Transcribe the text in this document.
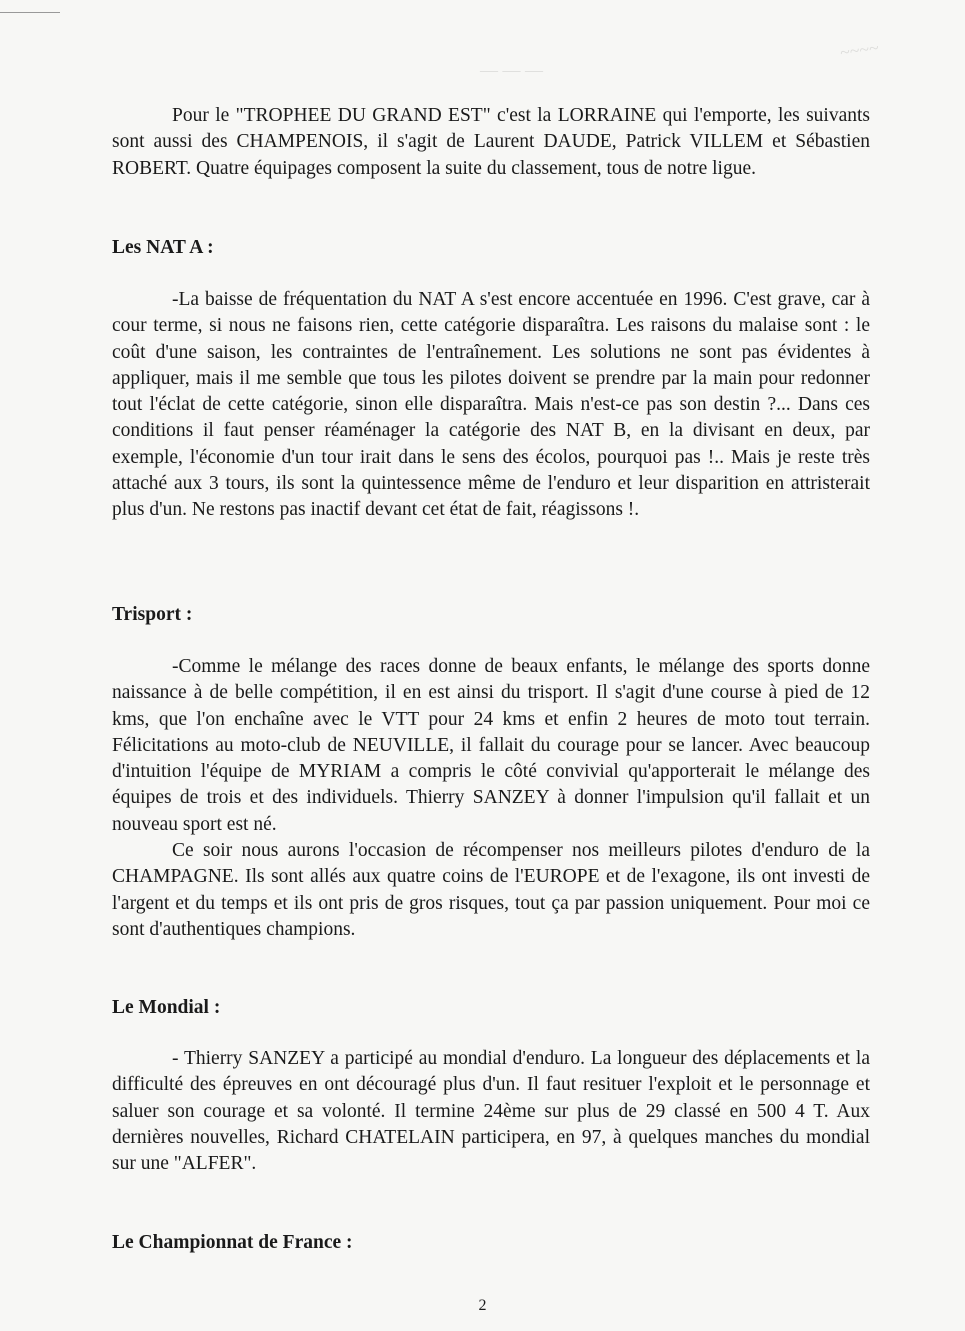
~~~~
— — —

Pour le "TROPHEE DU GRAND EST" c'est la LORRAINE qui l'emporte, les suivants sont aussi des CHAMPENOIS, il s'agit de Laurent DAUDE, Patrick VILLEM et Sébastien ROBERT. Quatre équipages composent la suite du classement, tous de notre ligue.

Les NAT A :

-La baisse de fréquentation du NAT A s'est encore accentuée en 1996. C'est grave, car à cour terme, si nous ne faisons rien, cette catégorie disparaîtra. Les raisons du malaise sont : le coût d'une saison, les contraintes de l'entraînement. Les solutions ne sont pas évidentes à appliquer, mais il me semble que tous les pilotes doivent se prendre par la main pour redonner tout l'éclat de cette catégorie, sinon elle disparaîtra. Mais n'est-ce pas son destin ?... Dans ces conditions il faut penser réaménager la catégorie des NAT B, en la divisant en deux, par exemple, l'économie d'un tour irait dans le sens des écolos, pourquoi pas !.. Mais je reste très attaché aux 3 tours, ils sont la quintessence même de l'enduro et leur disparition en attristerait plus d'un. Ne restons pas inactif devant cet état de fait, réagissons !.

Trisport :

-Comme le mélange des races donne de beaux enfants, le mélange des sports donne naissance à de belle compétition, il en est ainsi du trisport. Il s'agit d'une course à pied de 12 kms, que l'on enchaîne avec le VTT pour 24 kms et enfin 2 heures de moto tout terrain. Félicitations au moto-club de NEUVILLE, il fallait du courage pour se lancer. Avec beaucoup d'intuition l'équipe de MYRIAM a compris le côté convivial qu'apporterait le mélange des équipes de trois et des individuels. Thierry SANZEY à donner l'impulsion qu'il fallait et un nouveau sport est né.

Ce soir nous aurons l'occasion de récompenser nos meilleurs pilotes d'enduro de la CHAMPAGNE. Ils sont allés aux quatre coins de l'EUROPE et de l'exagone, ils ont investi de l'argent et du temps et ils ont pris de gros risques, tout ça par passion uniquement. Pour moi ce sont d'authentiques champions.

Le Mondial :

- Thierry SANZEY a participé au mondial d'enduro. La longueur des déplacements et la difficulté des épreuves en ont découragé plus d'un. Il faut resituer l'exploit et le personnage et saluer son courage et sa volonté. Il termine 24ème sur plus de 29 classé en 500 4 T. Aux dernières nouvelles, Richard CHATELAIN participera, en 97, à quelques manches du mondial sur une "ALFER".

Le Championnat de France :
2
